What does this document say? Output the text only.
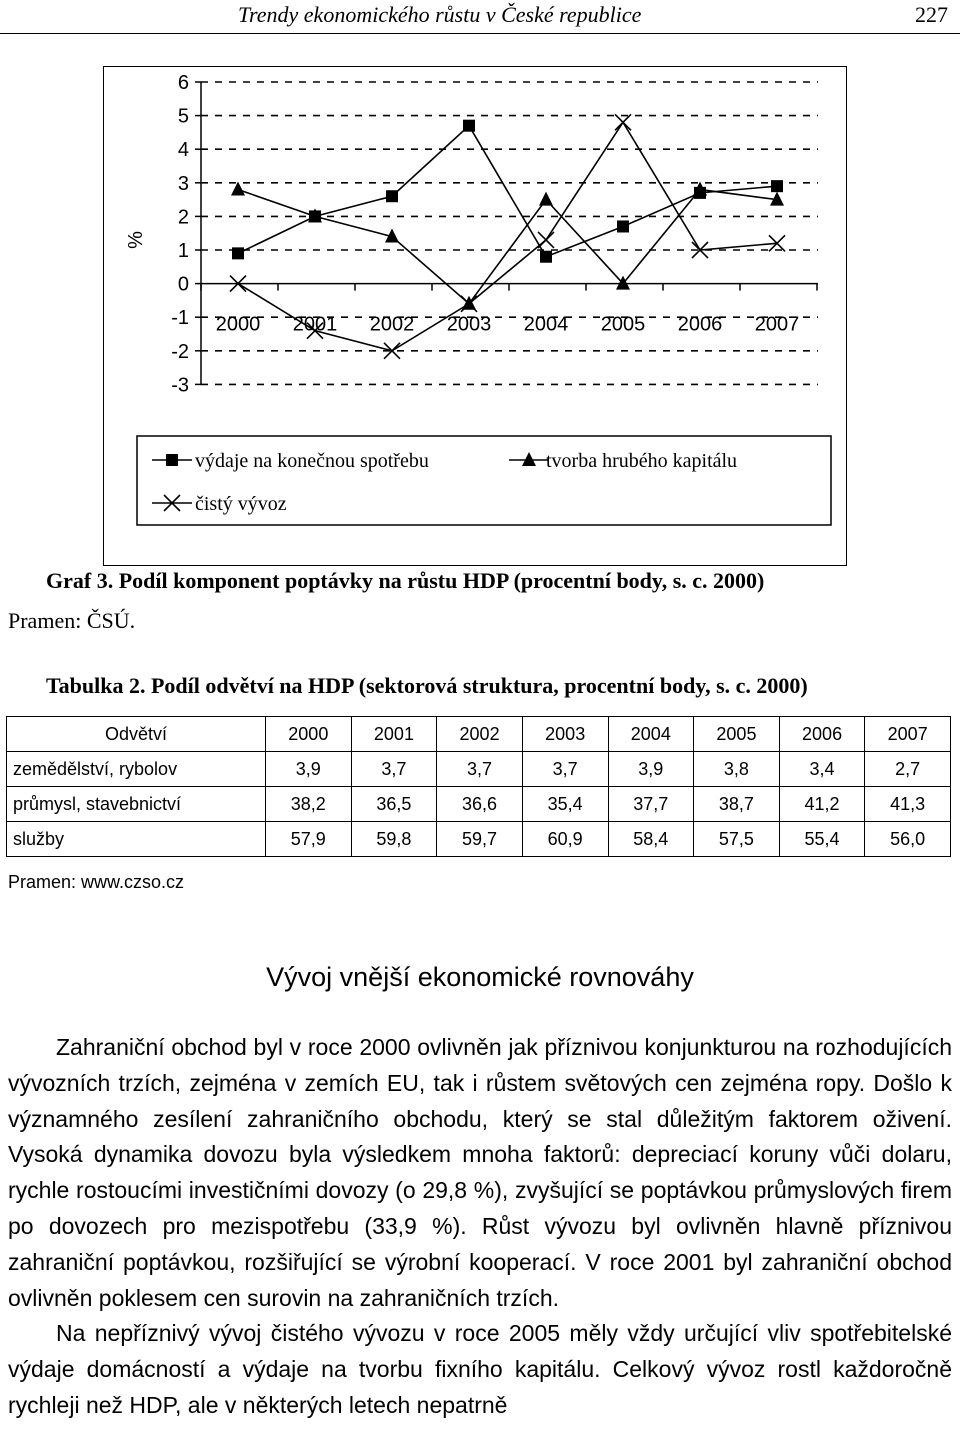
Trendy ekonomického růstu v České republice	227
6
5
4
3
2
1
0
-1
-2
-3
2000 2001 2002 2003 2004 2005 2006 2007
%
výdaje na konečnou spotřebu	tvorba hrubého kapitálu
čistý vývoz
Graf 3. Podíl komponent poptávky na růstu HDP (procentní body, s. c. 2000)
Pramen: ČSÚ.
Tabulka 2. Podíl odvětví na HDP (sektorová struktura, procentní body, s. c. 2000)
Odvětví	2000	2001	2002	2003	2004	2005	2006	2007
zemědělství, rybolov	3,9	3,7	3,7	3,7	3,9	3,8	3,4	2,7
průmysl, stavebnictví	38,2	36,5	36,6	35,4	37,7	38,7	41,2	41,3
služby	57,9	59,8	59,7	60,9	58,4	57,5	55,4	56,0
Pramen: www.czso.cz
Vývoj vnější ekonomické rovnováhy

Zahraniční obchod byl v roce 2000 ovlivněn jak příznivou konjunkturou na rozhodujících vývozních trzích, zejména v zemích EU, tak i růstem světových cen zejména ropy. Došlo k významného zesílení zahraničního obchodu, který se stal důležitým faktorem oživení. Vysoká dynamika dovozu byla výsledkem mnoha faktorů: depreciací koruny vůči dolaru, rychle rostoucími investičními dovozy (o 29,8 %), zvyšující se poptávkou průmyslových firem po dovozech pro mezispotřebu (33,9 %). Růst vývozu byl ovlivněn hlavně příznivou zahraniční poptávkou, rozšiřující se výrobní kooperací. V roce 2001 byl zahraniční obchod ovlivněn poklesem cen surovin na zahraničních trzích.

Na nepříznivý vývoj čistého vývozu v roce 2005 měly vždy určující vliv spotřebitelské výdaje domácností a výdaje na tvorbu fixního kapitálu. Celkový vývoz rostl každoročně rychleji než HDP, ale v některých letech nepatrně
